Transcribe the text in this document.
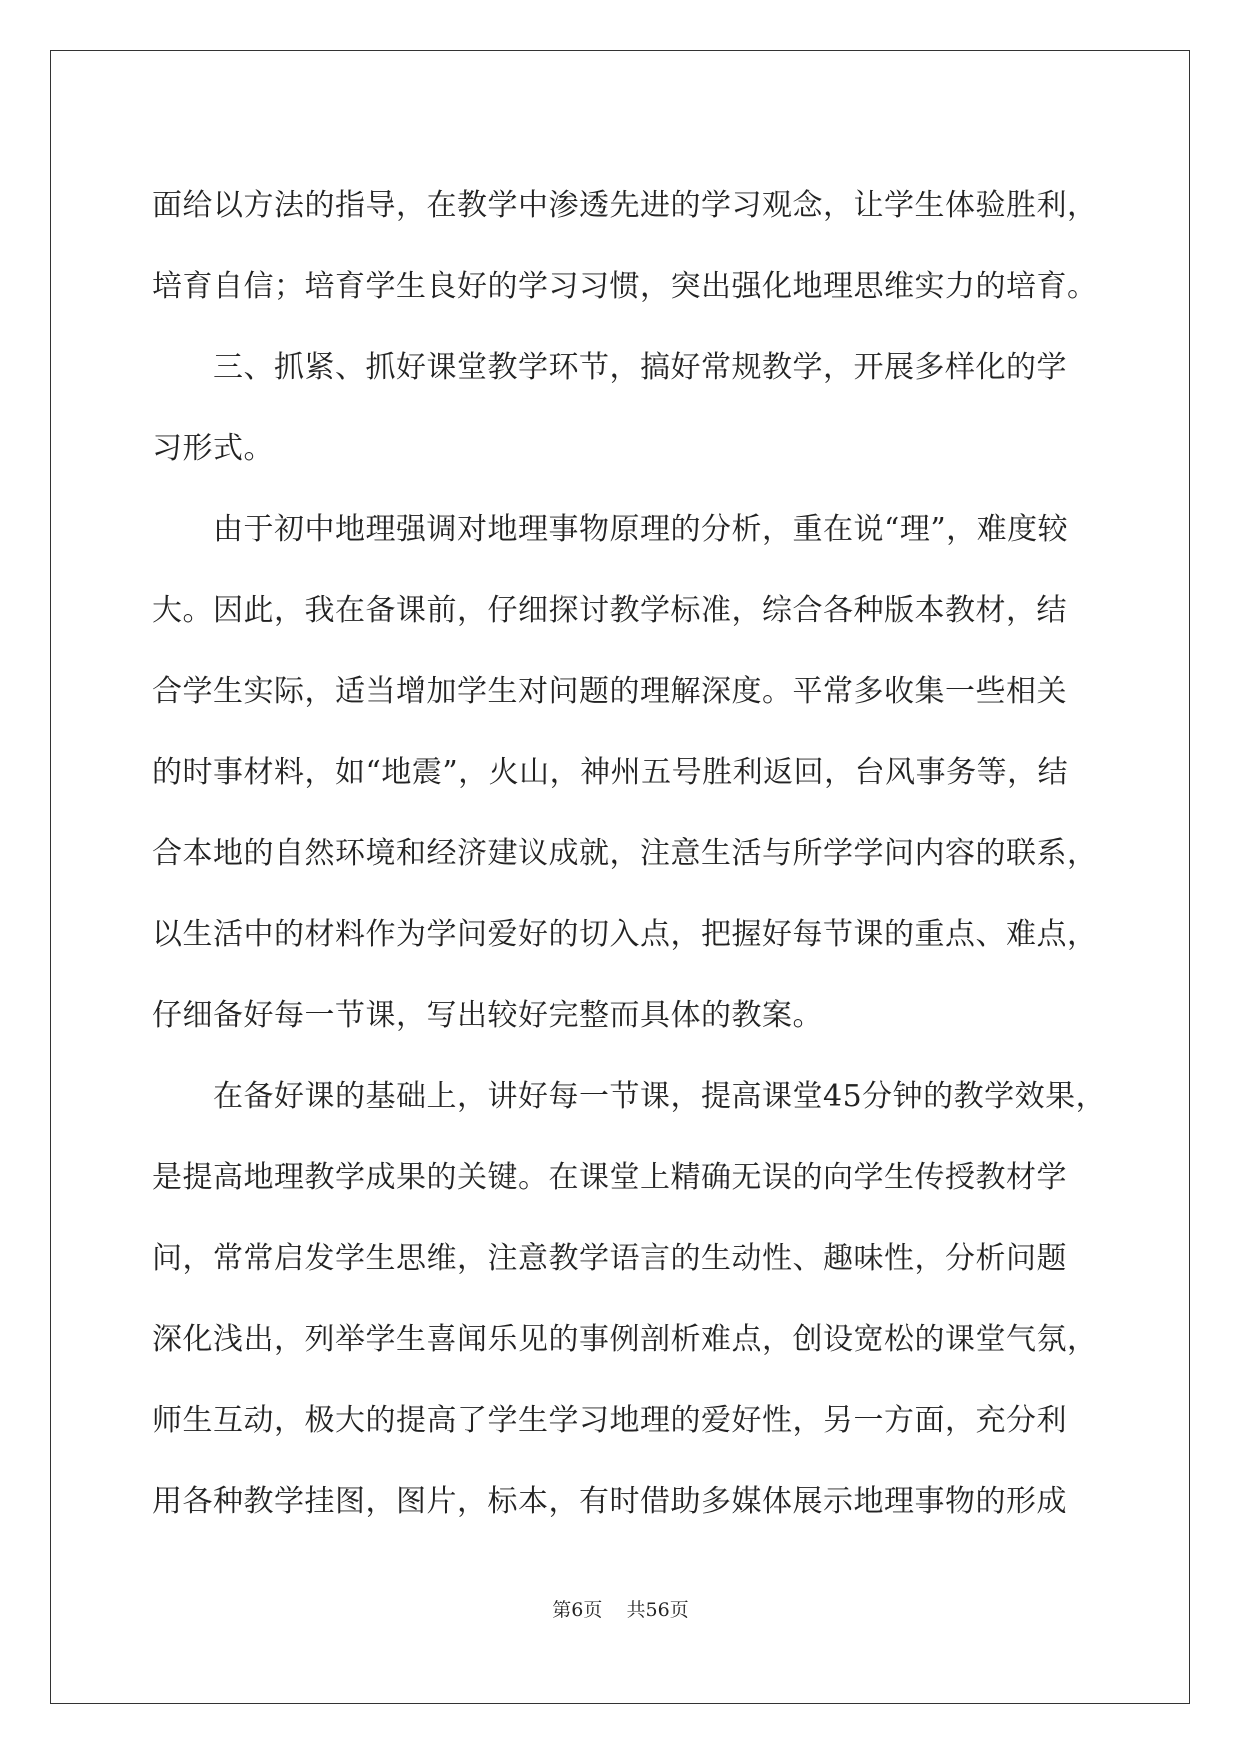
面给以方法的指导，在教学中渗透先进的学习观念，让学生体验胜利，
培育自信；培育学生良好的学习习惯，突出强化地理思维实力的培育。
三、抓紧、抓好课堂教学环节，搞好常规教学，开展多样化的学
习形式。
由于初中地理强调对地理事物原理的分析，重在说“理”，难度较
大。因此，我在备课前，仔细探讨教学标准，综合各种版本教材，结
合学生实际，适当增加学生对问题的理解深度。平常多收集一些相关
的时事材料，如“地震”，火山，神州五号胜利返回，台风事务等，结
合本地的自然环境和经济建议成就，注意生活与所学学问内容的联系，
以生活中的材料作为学问爱好的切入点，把握好每节课的重点、难点，
仔细备好每一节课，写出较好完整而具体的教案。
在备好课的基础上，讲好每一节课，提高课堂45分钟的教学效果，
是提高地理教学成果的关键。在课堂上精确无误的向学生传授教材学
问，常常启发学生思维，注意教学语言的生动性、趣味性，分析问题
深化浅出，列举学生喜闻乐见的事例剖析难点，创设宽松的课堂气氛，
师生互动，极大的提高了学生学习地理的爱好性，另一方面，充分利
用各种教学挂图，图片，标本，有时借助多媒体展示地理事物的形成
第6页 共56页
